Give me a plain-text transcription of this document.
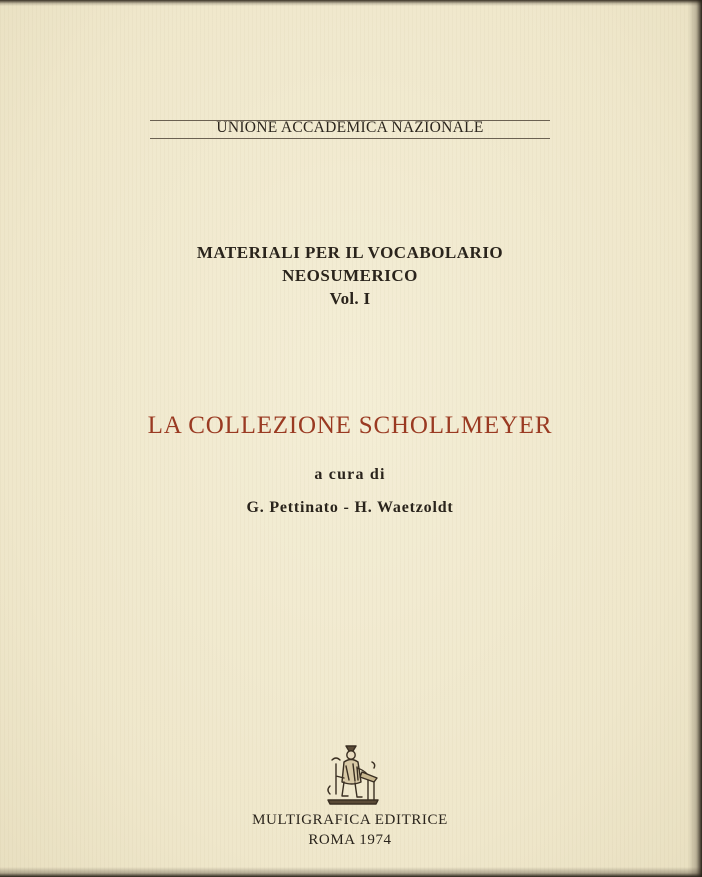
UNIONE ACCADEMICA NAZIONALE
MATERIALI PER IL VOCABOLARIO
NEOSUMERICO
Vol. I
LA COLLEZIONE SCHOLLMEYER
a cura di
G. Pettinato - H. Waetzoldt
MULTIGRAFICA EDITRICE
ROMA 1974
